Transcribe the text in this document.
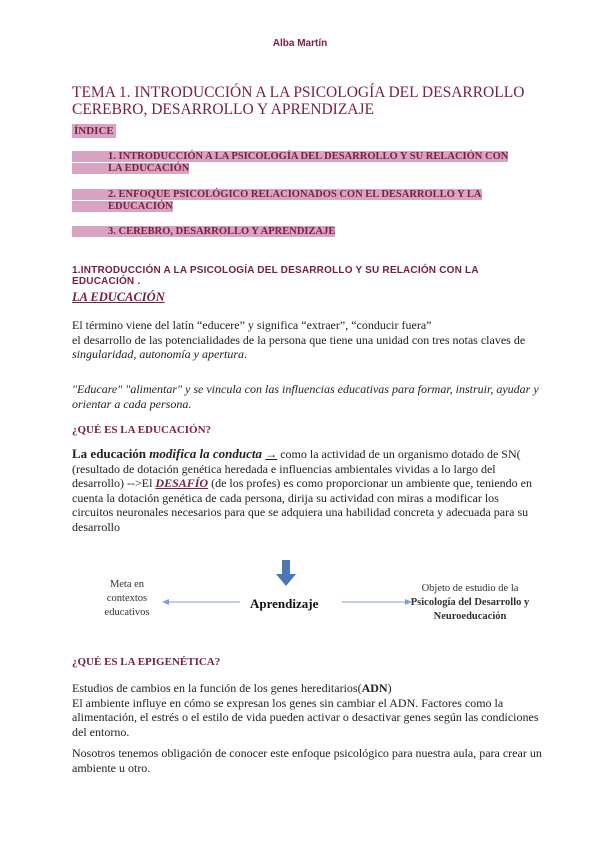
Alba Martín
TEMA 1. INTRODUCCIÓN A LA PSICOLOGÍA DEL DESARROLLO
CEREBRO, DESARROLLO Y APRENDIZAJE
ÍNDICE
1. INTRODUCCIÓN A LA PSICOLOGÍA DEL DESARROLLO Y SU RELACIÓN CON LA EDUCACIÓN
2. ENFOQUE PSICOLÓGICO RELACIONADOS CON EL DESARROLLO Y LA EDUCACIÓN
3. CEREBRO, DESARROLLO Y APRENDIZAJE
1.INTRODUCCIÓN A LA PSICOLOGÍA DEL DESARROLLO Y SU RELACIÓN CON LA EDUCACIÓN .
LA EDUCACIÓN
El término viene del latín “educere” y significa “extraer”, “conducir fuera”
el desarrollo de las potencialidades de la persona que tiene una unidad con tres notas claves de singularidad, autonomía y apertura.
"Educare" "alimentar" y se vincula con las influencias educativas para formar, instruir, ayudar y orientar a cada persona.
¿QUÉ ES LA EDUCACIÓN?
La educación modifica la conducta → como la actividad de un organismo dotado de SN( (resultado de dotación genética heredada e influencias ambientales vividas a lo largo del desarrollo) -->El DESAFÍO (de los profes) es como proporcionar un ambiente que, teniendo en cuenta la dotación genética de cada persona, dirija su actividad con miras a modificar los circuitos neuronales necesarios para que se adquiera una habilidad concreta y adecuada para su desarrollo
Meta en
contextos
educativos
Aprendizaje
Objeto de estudio de la
Psicología del Desarrollo y
Neuroeducación
¿QUÉ ES LA EPIGENÉTICA?
Estudios de cambios en la función de los genes hereditarios(ADN)
El ambiente influye en cómo se expresan los genes sin cambiar el ADN. Factores como la alimentación, el estrés o el estilo de vida pueden activar o desactivar genes según las condiciones del entorno.
Nosotros tenemos obligación de conocer este enfoque psicológico para nuestra aula, para crear un ambiente u otro.
